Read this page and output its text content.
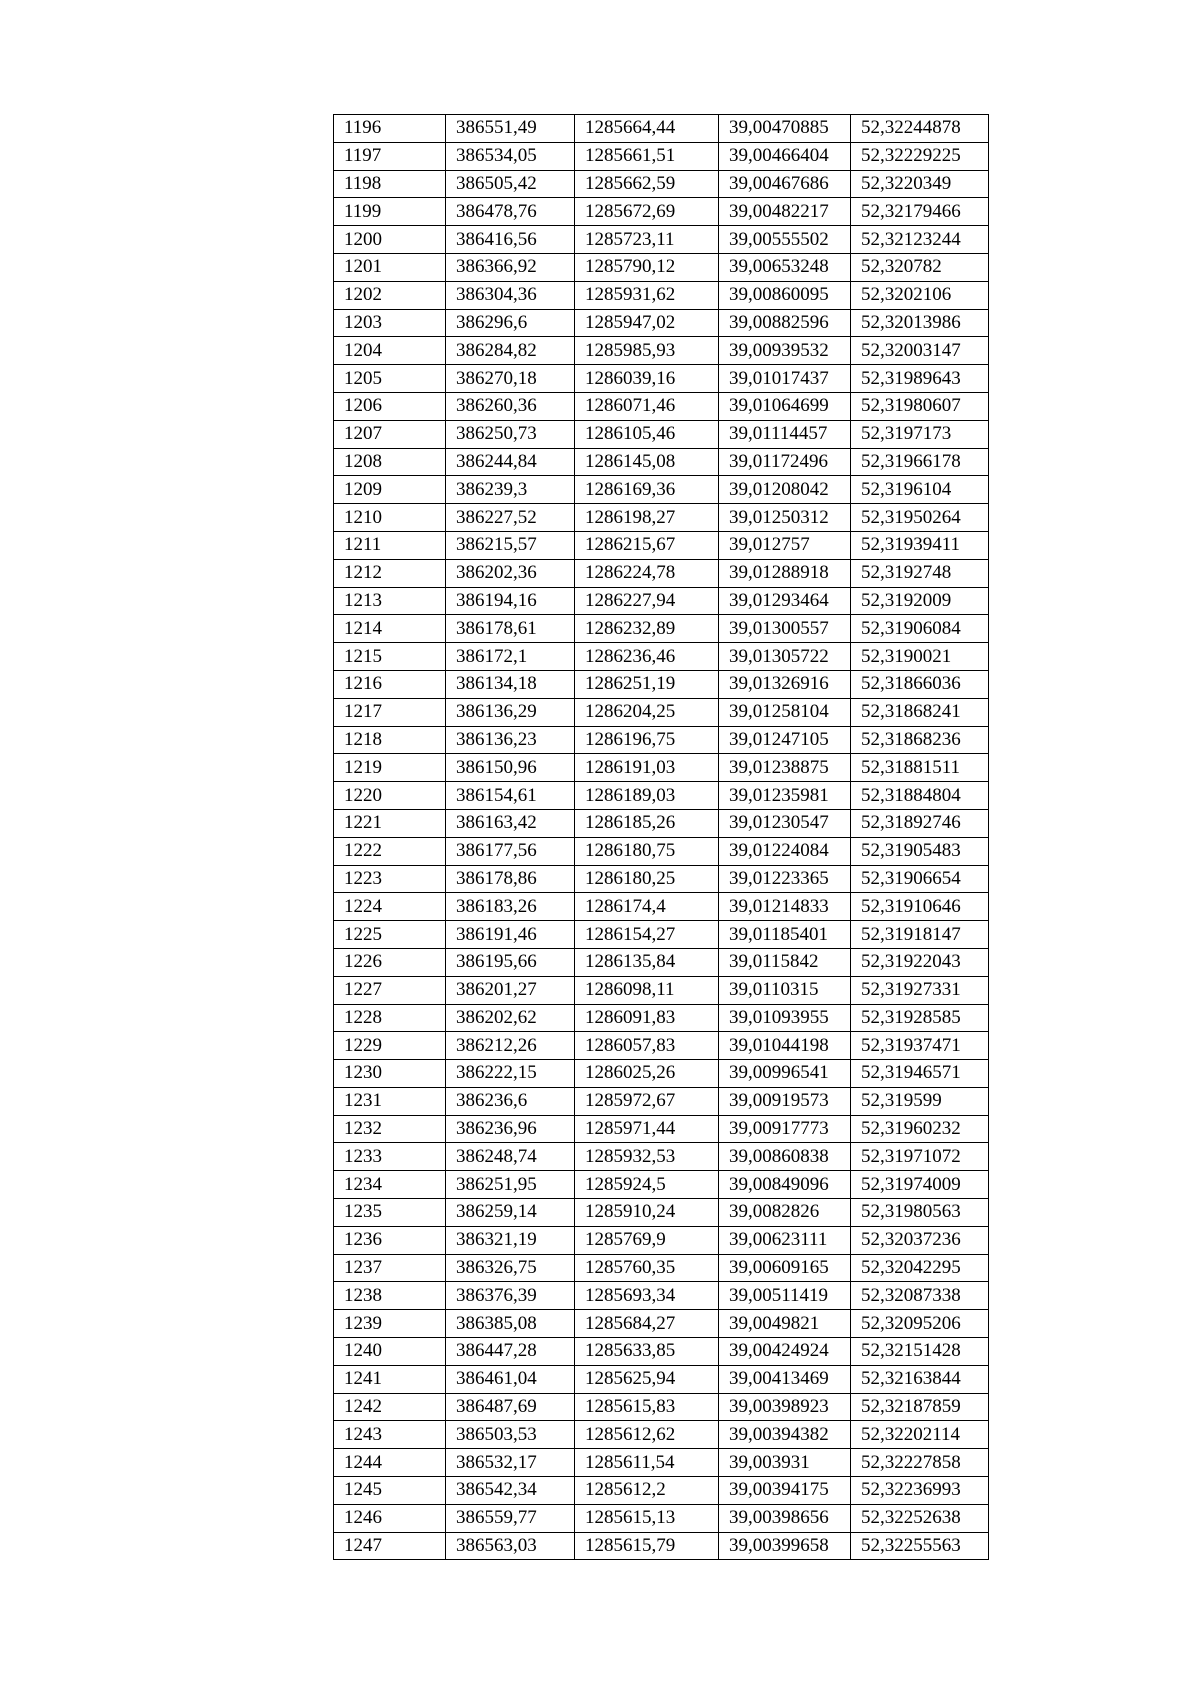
1196	386551,49	1285664,44	39,00470885	52,32244878
1197	386534,05	1285661,51	39,00466404	52,32229225
1198	386505,42	1285662,59	39,00467686	52,3220349
1199	386478,76	1285672,69	39,00482217	52,32179466
1200	386416,56	1285723,11	39,00555502	52,32123244
1201	386366,92	1285790,12	39,00653248	52,320782
1202	386304,36	1285931,62	39,00860095	52,3202106
1203	386296,6	1285947,02	39,00882596	52,32013986
1204	386284,82	1285985,93	39,00939532	52,32003147
1205	386270,18	1286039,16	39,01017437	52,31989643
1206	386260,36	1286071,46	39,01064699	52,31980607
1207	386250,73	1286105,46	39,01114457	52,3197173
1208	386244,84	1286145,08	39,01172496	52,31966178
1209	386239,3	1286169,36	39,01208042	52,3196104
1210	386227,52	1286198,27	39,01250312	52,31950264
1211	386215,57	1286215,67	39,012757	52,31939411
1212	386202,36	1286224,78	39,01288918	52,3192748
1213	386194,16	1286227,94	39,01293464	52,3192009
1214	386178,61	1286232,89	39,01300557	52,31906084
1215	386172,1	1286236,46	39,01305722	52,3190021
1216	386134,18	1286251,19	39,01326916	52,31866036
1217	386136,29	1286204,25	39,01258104	52,31868241
1218	386136,23	1286196,75	39,01247105	52,31868236
1219	386150,96	1286191,03	39,01238875	52,31881511
1220	386154,61	1286189,03	39,01235981	52,31884804
1221	386163,42	1286185,26	39,01230547	52,31892746
1222	386177,56	1286180,75	39,01224084	52,31905483
1223	386178,86	1286180,25	39,01223365	52,31906654
1224	386183,26	1286174,4	39,01214833	52,31910646
1225	386191,46	1286154,27	39,01185401	52,31918147
1226	386195,66	1286135,84	39,0115842	52,31922043
1227	386201,27	1286098,11	39,0110315	52,31927331
1228	386202,62	1286091,83	39,01093955	52,31928585
1229	386212,26	1286057,83	39,01044198	52,31937471
1230	386222,15	1286025,26	39,00996541	52,31946571
1231	386236,6	1285972,67	39,00919573	52,319599
1232	386236,96	1285971,44	39,00917773	52,31960232
1233	386248,74	1285932,53	39,00860838	52,31971072
1234	386251,95	1285924,5	39,00849096	52,31974009
1235	386259,14	1285910,24	39,0082826	52,31980563
1236	386321,19	1285769,9	39,00623111	52,32037236
1237	386326,75	1285760,35	39,00609165	52,32042295
1238	386376,39	1285693,34	39,00511419	52,32087338
1239	386385,08	1285684,27	39,0049821	52,32095206
1240	386447,28	1285633,85	39,00424924	52,32151428
1241	386461,04	1285625,94	39,00413469	52,32163844
1242	386487,69	1285615,83	39,00398923	52,32187859
1243	386503,53	1285612,62	39,00394382	52,32202114
1244	386532,17	1285611,54	39,003931	52,32227858
1245	386542,34	1285612,2	39,00394175	52,32236993
1246	386559,77	1285615,13	39,00398656	52,32252638
1247	386563,03	1285615,79	39,00399658	52,32255563
